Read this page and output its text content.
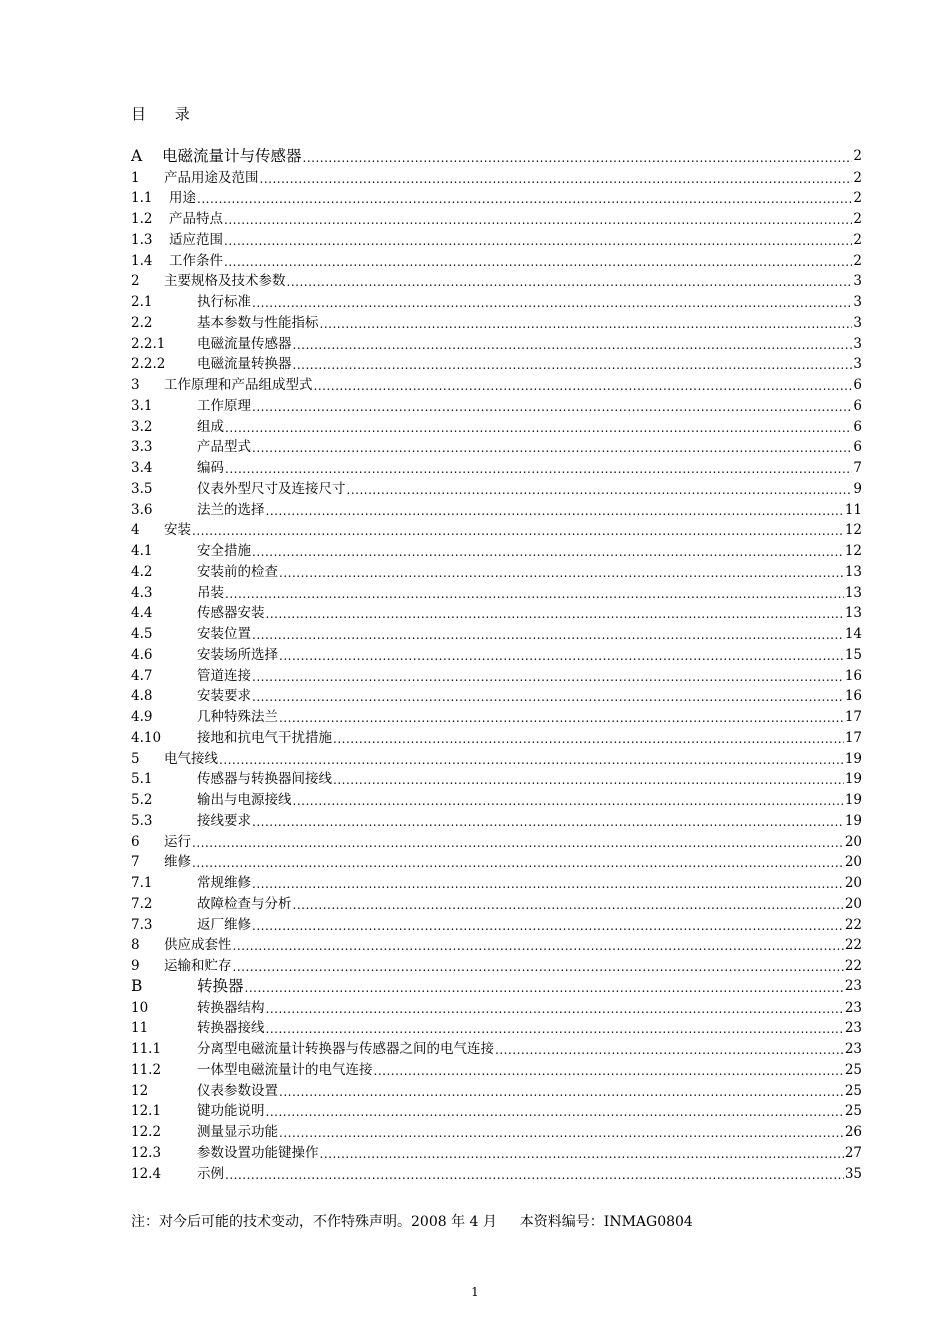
目 录
A	电磁流量计与传感器 .....	2
1	产品用途及范围 .....	2
1.1	用途 .....	2
1.2	产品特点 .....	2
1.3	适应范围 .....	2
1.4	工作条件 .....	2
2	主要规格及技术参数 .....	3
2.1	执行标准 .....	3
2.2	基本参数与性能指标 .....	3
2.2.1	电磁流量传感器 .....	3
2.2.2	电磁流量转换器 .....	3
3	工作原理和产品组成型式 .....	6
3.1	工作原理 .....	6
3.2	组成 .....	6
3.3	产品型式 .....	6
3.4	编码 .....	7
3.5	仪表外型尺寸及连接尺寸 .....	9
3.6	法兰的选择 .....	11
4	安装 .....	12
4.1	安全措施 .....	12
4.2	安装前的检查 .....	13
4.3	吊装 .....	13
4.4	传感器安装 .....	13
4.5	安装位置 .....	14
4.6	安装场所选择 .....	15
4.7	管道连接 .....	16
4.8	安装要求 .....	16
4.9	几种特殊法兰 .....	17
4.10	接地和抗电气干扰措施 .....	17
5	电气接线 .....	19
5.1	传感器与转换器间接线 .....	19
5.2	输出与电源接线 .....	19
5.3	接线要求 .....	19
6	运行 .....	20
7	维修 .....	20
7.1	常规维修 .....	20
7.2	故障检查与分析 .....	20
7.3	返厂维修 .....	22
8	供应成套性 .....	22
9	运输和贮存 .....	22
B	转换器 .....	23
10	转换器结构 .....	23
11	转换器接线 .....	23
11.1	分离型电磁流量计转换器与传感器之间的电气连接 .....	23
11.2	一体型电磁流量计的电气连接 .....	25
12	仪表参数设置 .....	25
12.1	键功能说明 .....	25
12.2	测量显示功能 .....	26
12.3	参数设置功能键操作 .....	27
12.4	示例 .....	35
注：对今后可能的技术变动，不作特殊声明。2008 年 4 月 　 本资料编号：INMAG0804
1
